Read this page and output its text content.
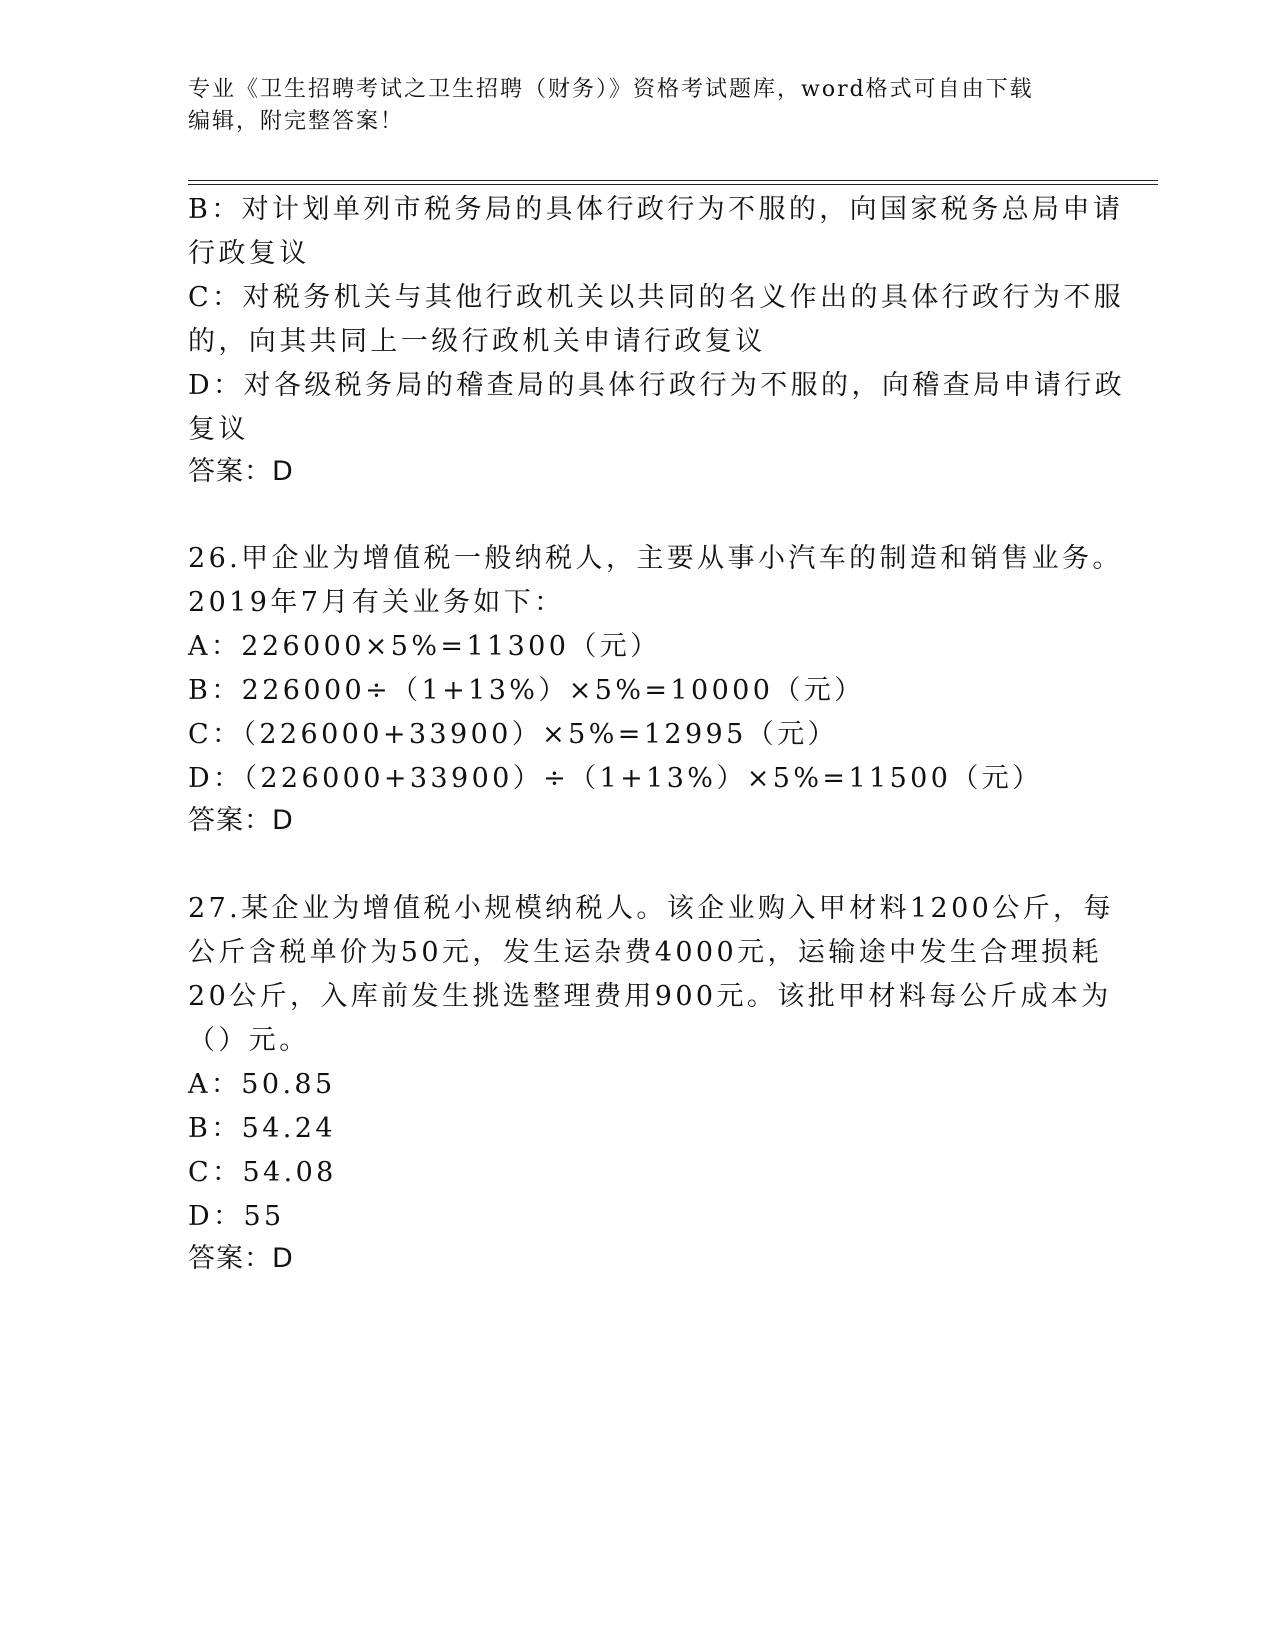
专业《卫生招聘考试之卫生招聘（财务）》资格考试题库，word格式可自由下载
编辑，附完整答案！
B：对计划单列市税务局的具体行政行为不服的，向国家税务总局申请
行政复议
C：对税务机关与其他行政机关以共同的名义作出的具体行政行为不服
的，向其共同上一级行政机关申请行政复议
D：对各级税务局的稽查局的具体行政行为不服的，向稽查局申请行政
复议
答案：D
26.甲企业为增值税一般纳税人，主要从事小汽车的制造和销售业务。
2019年7月有关业务如下：
A：226000×5%=11300（元）
B：226000÷（1+13%）×5%=10000（元）
C：（226000+33900）×5%=12995（元）
D：（226000+33900）÷（1+13%）×5%=11500（元）
答案：D
27.某企业为增值税小规模纳税人。该企业购入甲材料1200公斤，每
公斤含税单价为50元，发生运杂费4000元，运输途中发生合理损耗
20公斤，入库前发生挑选整理费用900元。该批甲材料每公斤成本为
（）元。
A：50.85
B：54.24
C：54.08
D：55
答案：D
